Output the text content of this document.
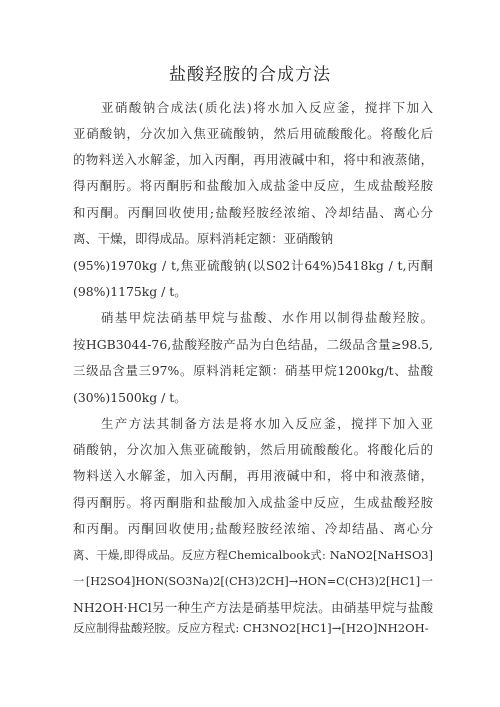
盐酸羟胺的合成方法
亚硝酸钠合成法(质化法)将水加入反应釜，搅拌下加入
亚硝酸钠，分次加入焦亚硫酸钠，然后用硫酸酸化。将酸化后
的物料送入水解釜，加入丙酮，再用液碱中和，将中和液蒸储，
得丙酮肟。将丙酮肟和盐酸加入成盐釜中反应，生成盐酸羟胺
和丙酮。丙酮回收使用;盐酸羟胺经浓缩、冷却结晶、离心分
离、干燥，即得成品。原料消耗定额：亚硝酸钠
(95%)1970kg / t,焦亚硫酸钠(以S02计64%)5418kg / t,丙酮
(98%)1175kg / t。
硝基甲烷法硝基甲烷与盐酸、水作用以制得盐酸羟胺。
按HGB3044-76,盐酸羟胺产品为白色结晶，二级品含量≥98.5,
三级品含量三97%。原料消耗定额：硝基甲烷1200kg/t、盐酸
(30%)1500kg / t。
生产方法其制备方法是将水加入反应釜，搅拌下加入亚
硝酸钠，分次加入焦亚硫酸钠，然后用硫酸酸化。将酸化后的
物料送入水解釜，加入丙酮，再用液碱中和，将中和液蒸储，
得丙酮肟。将丙酮脂和盐酸加入成盐釜中反应，生成盐酸羟胺
和丙酮。丙酮回收使用;盐酸羟胺经浓缩、冷却结晶、离心分
离、干燥,即得成品。反应方程Chemicalbook式: NaNO2[NaHSO3]
一[H2SO4]HON(SO3Na)2[(CH3)2CH]→HON=C(CH3)2[HC1]一
NH2OH·HCl另一种生产方法是硝基甲烷法。由硝基甲烷与盐酸
反应制得盐酸羟胺。反应方程式: CH3NO2[HC1]→[H2O]NH2OH-
